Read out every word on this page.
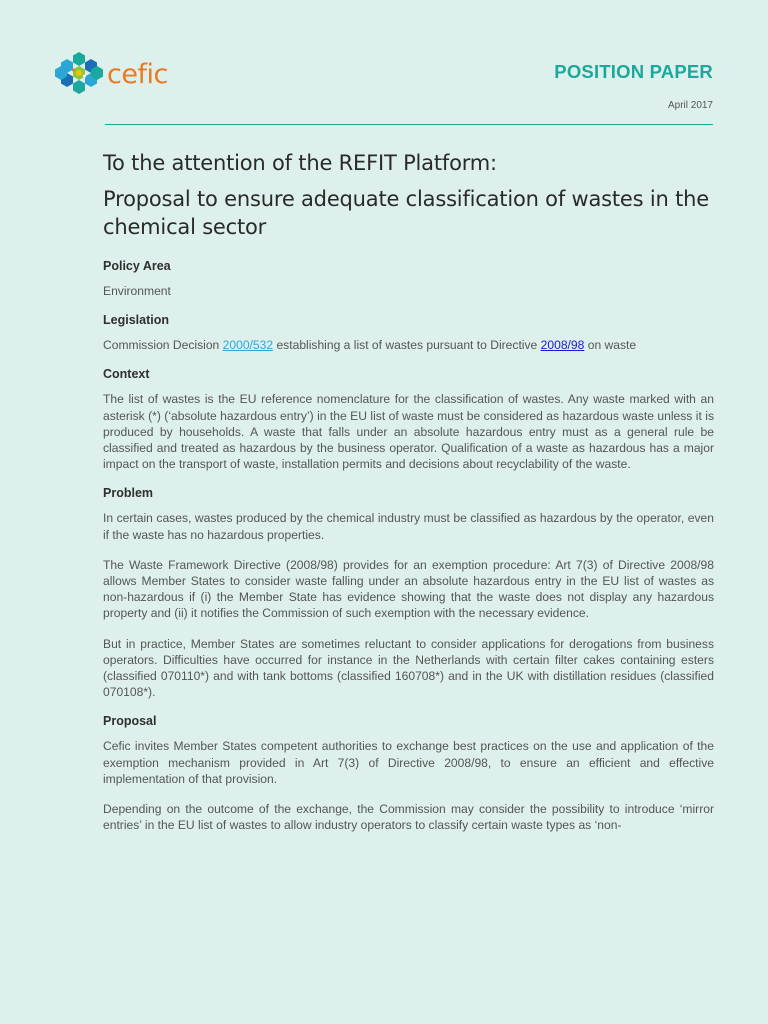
cefic	POSITION PAPER
April 2017
To the attention of the REFIT Platform:
Proposal to ensure adequate classification of wastes in the chemical sector
Policy Area

Environment

Legislation

Commission Decision 2000/532 establishing a list of wastes pursuant to Directive 2008/98 on waste

Context

The list of wastes is the EU reference nomenclature for the classification of wastes. Any waste marked with an asterisk (*) (‘absolute hazardous entry’) in the EU list of waste must be considered as hazardous waste unless it is produced by households. A waste that falls under an absolute hazardous entry must as a general rule be classified and treated as hazardous by the business operator. Qualification of a waste as hazardous has a major impact on the transport of waste, installation permits and decisions about recyclability of the waste.

Problem

In certain cases, wastes produced by the chemical industry must be classified as hazardous by the operator, even if the waste has no hazardous properties.

The Waste Framework Directive (2008/98) provides for an exemption procedure: Art 7(3) of Directive 2008/98 allows Member States to consider waste falling under an absolute hazardous entry in the EU list of wastes as non-hazardous if (i) the Member State has evidence showing that the waste does not display any hazardous property and (ii) it notifies the Commission of such exemption with the necessary evidence.

But in practice, Member States are sometimes reluctant to consider applications for derogations from business operators. Difficulties have occurred for instance in the Netherlands with certain filter cakes containing esters (classified 070110*) and with tank bottoms (classified 160708*) and in the UK with distillation residues (classified 070108*).

Proposal

Cefic invites Member States competent authorities to exchange best practices on the use and application of the exemption mechanism provided in Art 7(3) of Directive 2008/98, to ensure an efficient and effective implementation of that provision.

Depending on the outcome of the exchange, the Commission may consider the possibility to introduce ‘mirror entries’ in the EU list of wastes to allow industry operators to classify certain waste types as ‘non-
